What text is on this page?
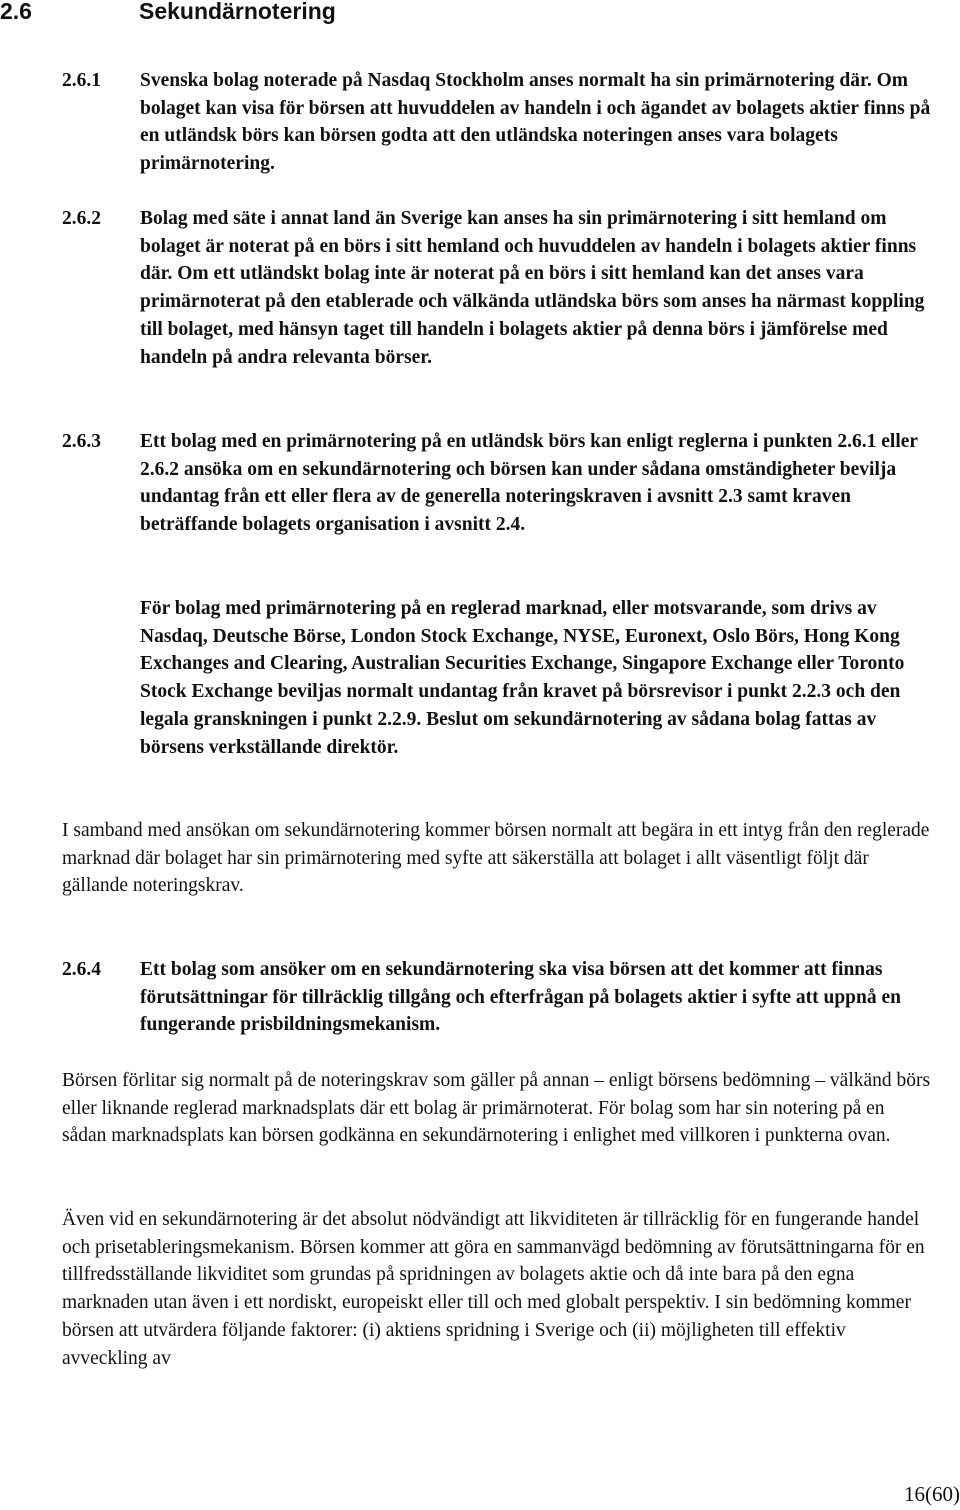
2.6	Sekundärnotering
2.6.1 Svenska bolag noterade på Nasdaq Stockholm anses normalt ha sin primärnotering där. Om bolaget kan visa för börsen att huvuddelen av handeln i och ägandet av bolagets aktier finns på en utländsk börs kan börsen godta att den utländska noteringen anses vara bolagets primärnotering.
2.6.2 Bolag med säte i annat land än Sverige kan anses ha sin primärnotering i sitt hemland om bolaget är noterat på en börs i sitt hemland och huvuddelen av handeln i bolagets aktier finns där. Om ett utländskt bolag inte är noterat på en börs i sitt hemland kan det anses vara primärnoterat på den etablerade och välkända utländska börs som anses ha närmast koppling till bolaget, med hänsyn taget till handeln i bolagets aktier på denna börs i jämförelse med handeln på andra relevanta börser.
2.6.3 Ett bolag med en primärnotering på en utländsk börs kan enligt reglerna i punkten 2.6.1 eller 2.6.2 ansöka om en sekundärnotering och börsen kan under sådana omständigheter bevilja undantag från ett eller flera av de generella noteringskraven i avsnitt 2.3 samt kraven beträffande bolagets organisation i avsnitt 2.4.
För bolag med primärnotering på en reglerad marknad, eller motsvarande, som drivs av Nasdaq, Deutsche Börse, London Stock Exchange, NYSE, Euronext, Oslo Börs, Hong Kong Exchanges and Clearing, Australian Securities Exchange, Singapore Exchange eller Toronto Stock Exchange beviljas normalt undantag från kravet på börsrevisor i punkt 2.2.3 och den legala granskningen i punkt 2.2.9. Beslut om sekundärnotering av sådana bolag fattas av börsens verkställande direktör.
I samband med ansökan om sekundärnotering kommer börsen normalt att begära in ett intyg från den reglerade marknad där bolaget har sin primärnotering med syfte att säkerställa att bolaget i allt väsentligt följt där gällande noteringskrav.
2.6.4 Ett bolag som ansöker om en sekundärnotering ska visa börsen att det kommer att finnas förutsättningar för tillräcklig tillgång och efterfrågan på bolagets aktier i syfte att uppnå en fungerande prisbildningsmekanism.
Börsen förlitar sig normalt på de noteringskrav som gäller på annan – enligt börsens bedömning – välkänd börs eller liknande reglerad marknadsplats där ett bolag är primärnoterat. För bolag som har sin notering på en sådan marknadsplats kan börsen godkänna en sekundärnotering i enlighet med villkoren i punkterna ovan.
Även vid en sekundärnotering är det absolut nödvändigt att likviditeten är tillräcklig för en fungerande handel och prisetableringsmekanism. Börsen kommer att göra en sammanvägd bedömning av förutsättningarna för en tillfredsställande likviditet som grundas på spridningen av bolagets aktie och då inte bara på den egna marknaden utan även i ett nordiskt, europeiskt eller till och med globalt perspektiv. I sin bedömning kommer börsen att utvärdera följande faktorer: (i) aktiens spridning i Sverige och (ii) möjligheten till effektiv avveckling av
16(60)
